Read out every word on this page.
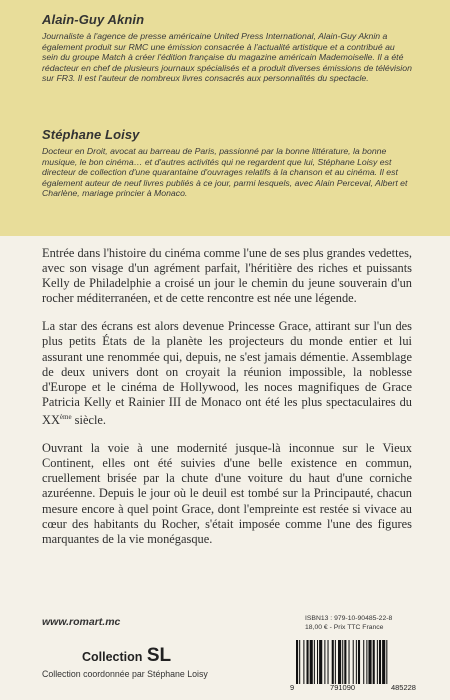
Alain-Guy Aknin
Journaliste à l'agence de presse américaine United Press International, Alain-Guy Aknin a également produit sur RMC une émission consacrée à l'actualité artistique et a contribué au sein du groupe Match à créer l'édition française du magazine américain Mademoiselle. Il a été rédacteur en chef de plusieurs journaux spécialisés et a produit diverses émissions de télévision sur FR3. Il est l'auteur de nombreux livres consacrés aux personnalités du spectacle.
Stéphane Loisy
Docteur en Droit, avocat au barreau de Paris, passionné par la bonne littérature, la bonne musique, le bon cinéma… et d'autres activités qui ne regardent que lui, Stéphane Loisy est directeur de collection d'une quarantaine d'ouvrages relatifs à la chanson et au cinéma. Il est également auteur de neuf livres publiés à ce jour, parmi lesquels, avec Alain Perceval, Albert et Charlène, mariage princier à Monaco.

Entrée dans l'histoire du cinéma comme l'une de ses plus grandes vedettes, avec son visage d'un agrément parfait, l'héritière des riches et puissants Kelly de Philadelphie a croisé un jour le chemin du jeune souverain d'un rocher méditerranéen, et de cette rencontre est née une légende.

La star des écrans est alors devenue Princesse Grace, attirant sur l'un des plus petits États de la planète les projecteurs du monde entier et lui assurant une renommée qui, depuis, ne s'est jamais démentie. Assemblage de deux univers dont on croyait la réunion impossible, la noblesse d'Europe et le cinéma de Hollywood, les noces magnifiques de Grace Patricia Kelly et Rainier III de Monaco ont été les plus spectaculaires du XXème siècle.

Ouvrant la voie à une modernité jusque-là inconnue sur le Vieux Continent, elles ont été suivies d'une belle existence en commun, cruellement brisée par la chute d'une voiture du haut d'une corniche azuréenne. Depuis le jour où le deuil est tombé sur la Principauté, chacun mesure encore à quel point Grace, dont l'empreinte est restée si vivace au cœur des habitants du Rocher, s'était imposée comme l'une des figures marquantes de la vie monégasque.

www.romart.mc
Collection SL
Collection coordonnée par Stéphane Loisy
ISBN13 : 979-10-90485-22-8
18,00 € - Prix TTC France
9	791090	485228
